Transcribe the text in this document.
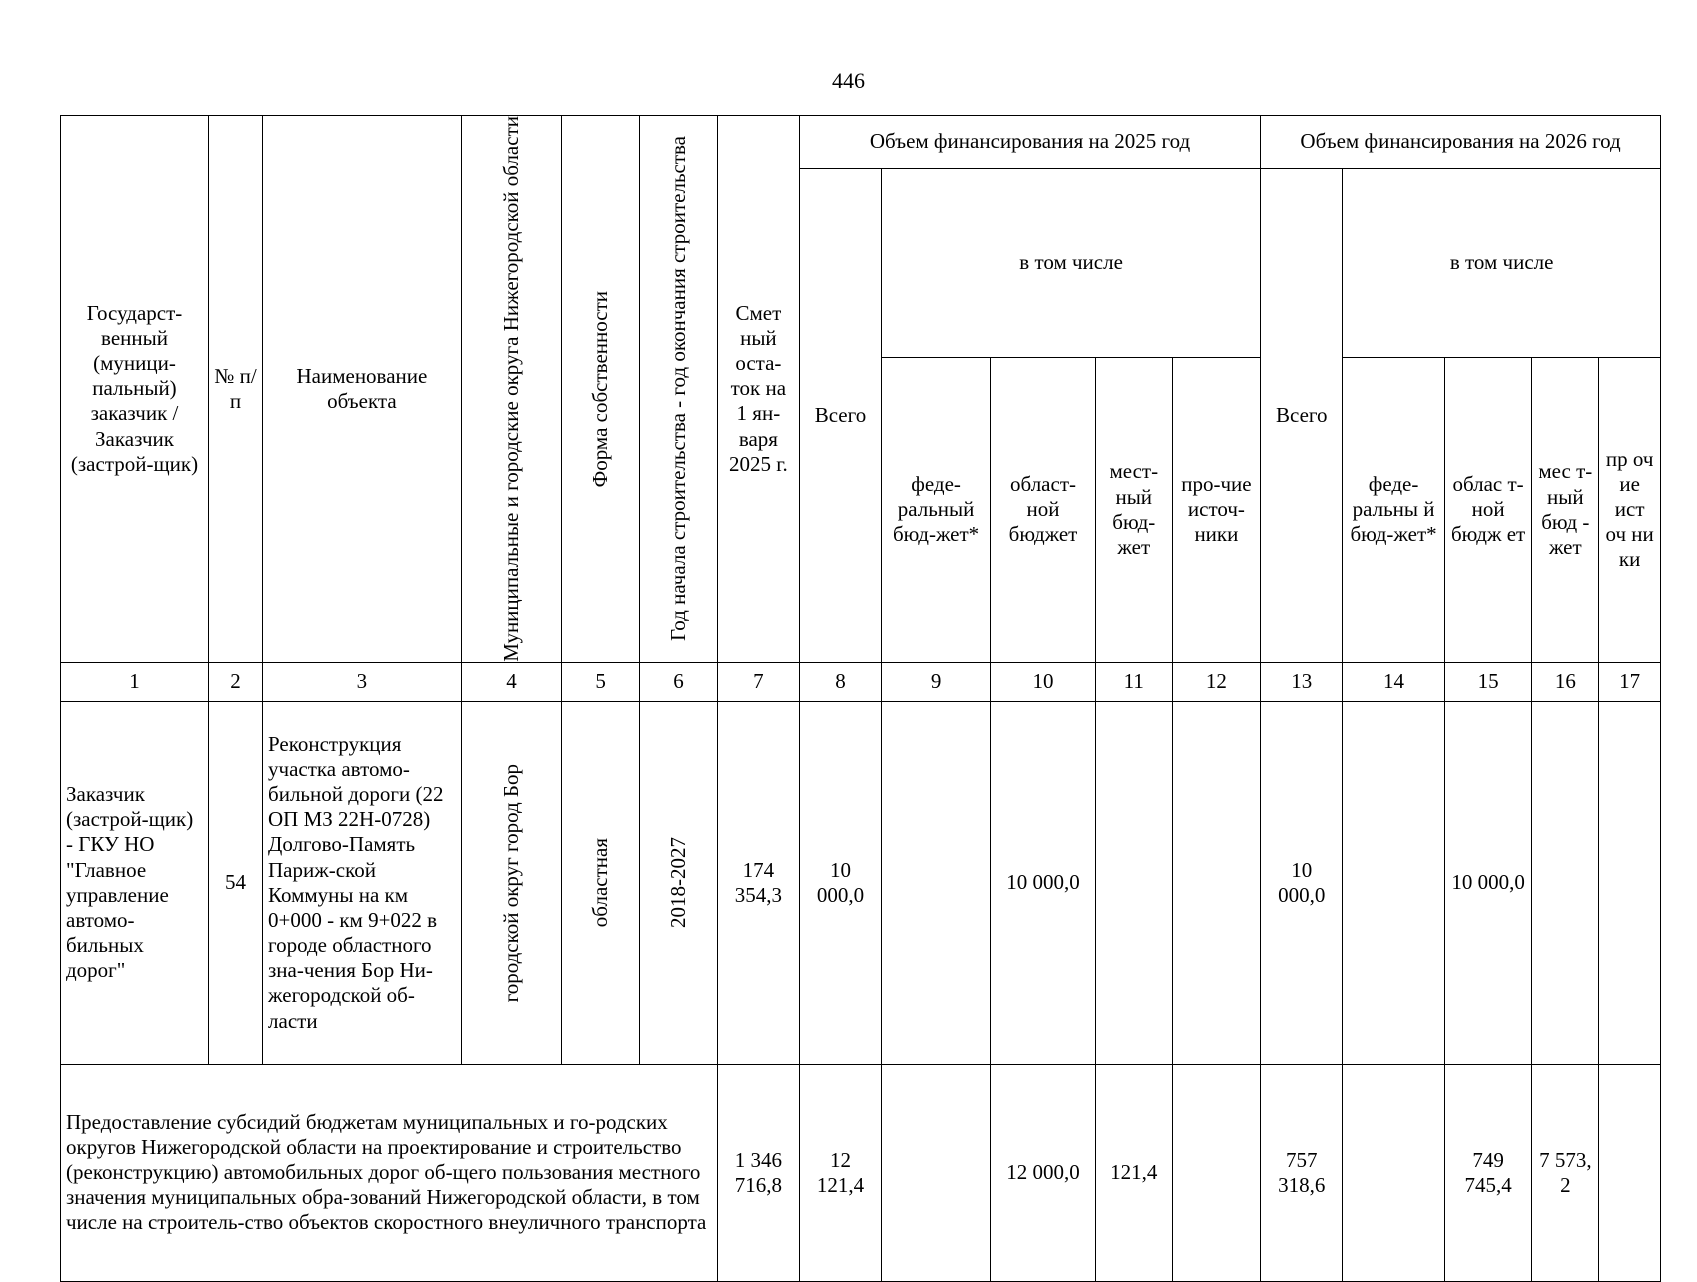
446
Государст-венный (муници-пальный) заказчик / Заказчик (застрой-щик)	№ п/п	Наименование объекта	Муниципальные и городские округа Нижегородской области	Форма собственности	Год начала строительства - год окончания строительства	Смет ный оста-ток на 1 ян-варя 2025 г.	Объем финансирования на 2025 год					Объем финансирования на 2026 год				
							Всего	в том числе				Всего	в том числе			
								феде-ральный бюд-жет*	област-ной бюджет	мест-ный бюд-жет	про-чие источ-ники		феде-ральны й бюд-жет*	облас т-ной бюдж ет	мес т-ный бюд - жет	пр оч ие ист оч ни ки
1	2	3	4	5	6	7	8	9	10	11	12	13	14	15	16	17
Заказчик (застрой-щик) - ГКУ НО "Главное управление автомо-бильных дорог"	54	Реконструкция участка автомо-бильной дороги (22 ОП МЗ 22Н-0728) Долгово-Память Париж-ской Коммуны на км 0+000 - км 9+022 в городе областного зна-чения Бор Ни-жегородской об-ласти	городской округ город Бор	областная	2018-2027	174 354,3	10 000,0		10 000,0			10 000,0		10 000,0		
Предоставление субсидий бюджетам муниципальных и го-родских округов Нижегородской области на проектирование и строительство (реконструкцию) автомобильных дорог об-щего пользования местного значения муниципальных обра-зований Нижегородской области, в том числе на строитель-ство объектов скоростного внеуличного транспорта						1 346 716,8	12 121,4		12 000,0	121,4		757 318,6		749 745,4	7 573, 2	
